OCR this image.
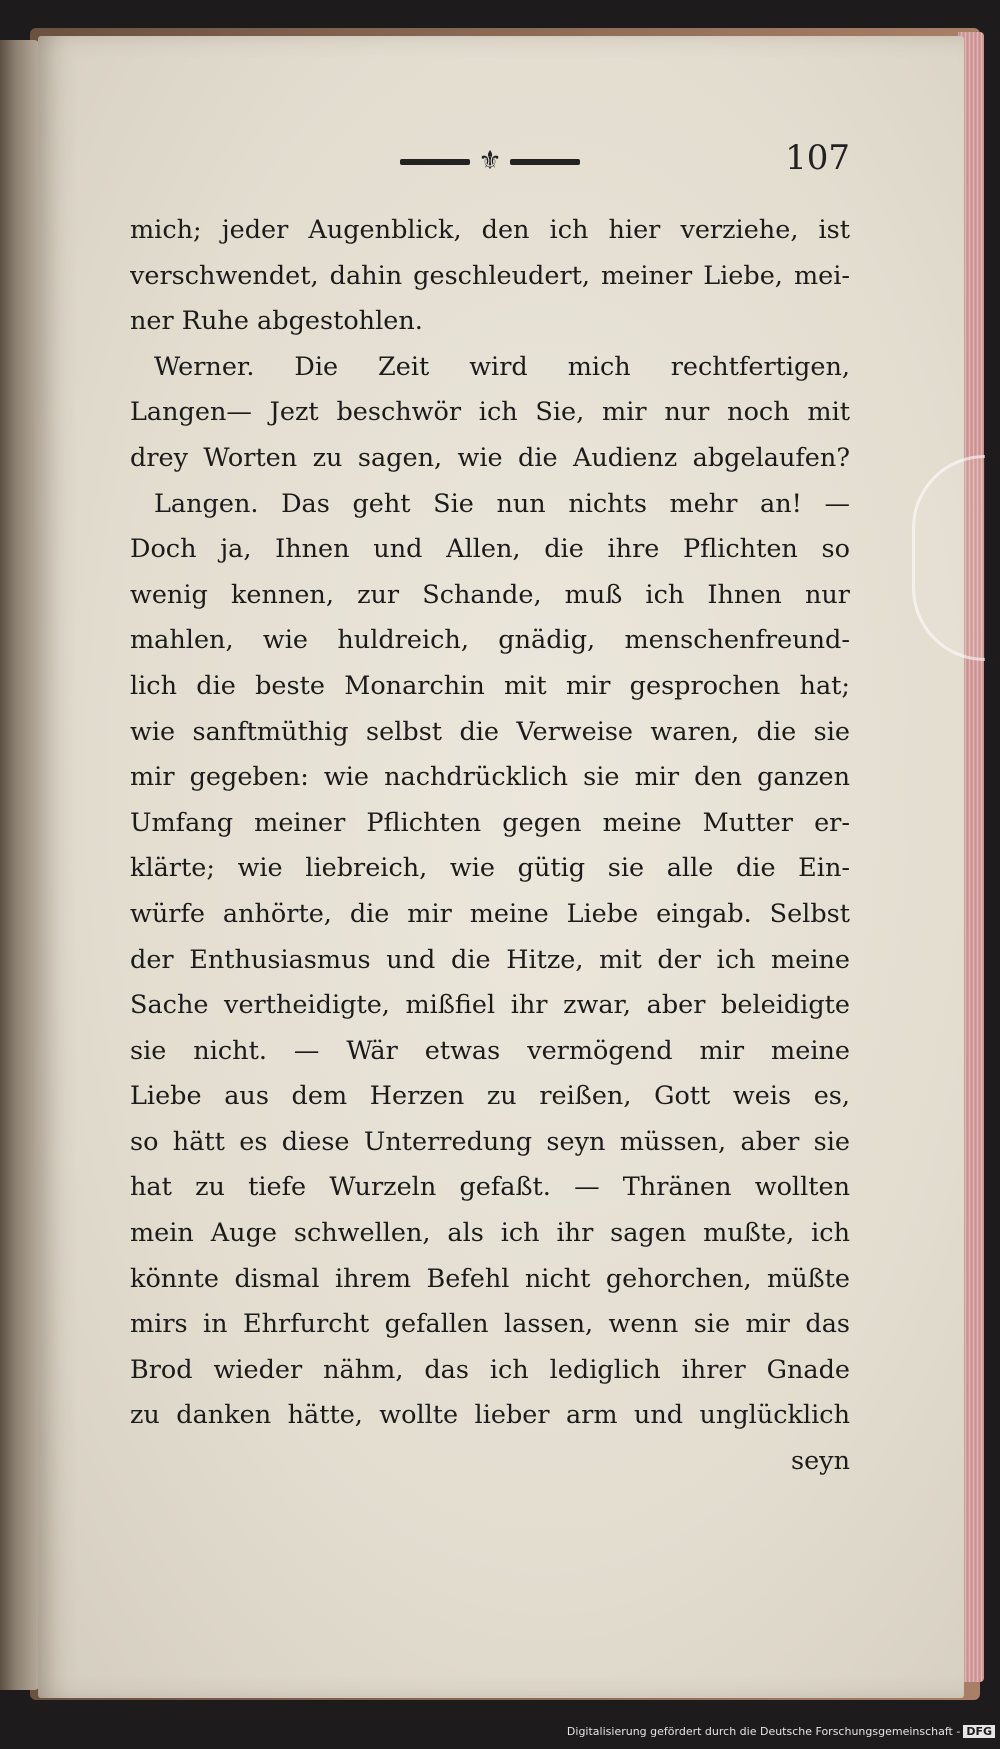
⚜	107
mich; jeder Augenblick, den ich hier verziehe, ist
verschwendet, dahin geschleudert, meiner Liebe, mei-
ner Ruhe abgestohlen.
Werner. Die Zeit wird mich rechtfertigen,
Langen— Jezt beschwör ich Sie, mir nur noch mit
drey Worten zu sagen, wie die Audienz abgelaufen?
Langen. Das geht Sie nun nichts mehr an! —
Doch ja, Ihnen und Allen, die ihre Pflichten so
wenig kennen, zur Schande, muß ich Ihnen nur
mahlen, wie huldreich, gnädig, menschenfreund-
lich die beste Monarchin mit mir gesprochen hat;
wie sanftmüthig selbst die Verweise waren, die sie
mir gegeben: wie nachdrücklich sie mir den ganzen
Umfang meiner Pflichten gegen meine Mutter er-
klärte; wie liebreich, wie gütig sie alle die Ein-
würfe anhörte, die mir meine Liebe eingab. Selbst
der Enthusiasmus und die Hitze, mit der ich meine
Sache vertheidigte, mißfiel ihr zwar, aber beleidigte
sie nicht. — Wär etwas vermögend mir meine
Liebe aus dem Herzen zu reißen, Gott weis es,
so hätt es diese Unterredung seyn müssen, aber sie
hat zu tiefe Wurzeln gefaßt. — Thränen wollten
mein Auge schwellen, als ich ihr sagen mußte, ich
könnte dismal ihrem Befehl nicht gehorchen, müßte
mirs in Ehrfurcht gefallen lassen, wenn sie mir das
Brod wieder nähm, das ich lediglich ihrer Gnade
zu danken hätte, wollte lieber arm und unglücklich
seyn
Digitalisierung gefördert durch die Deutsche Forschungsgemeinschaft - DFG
